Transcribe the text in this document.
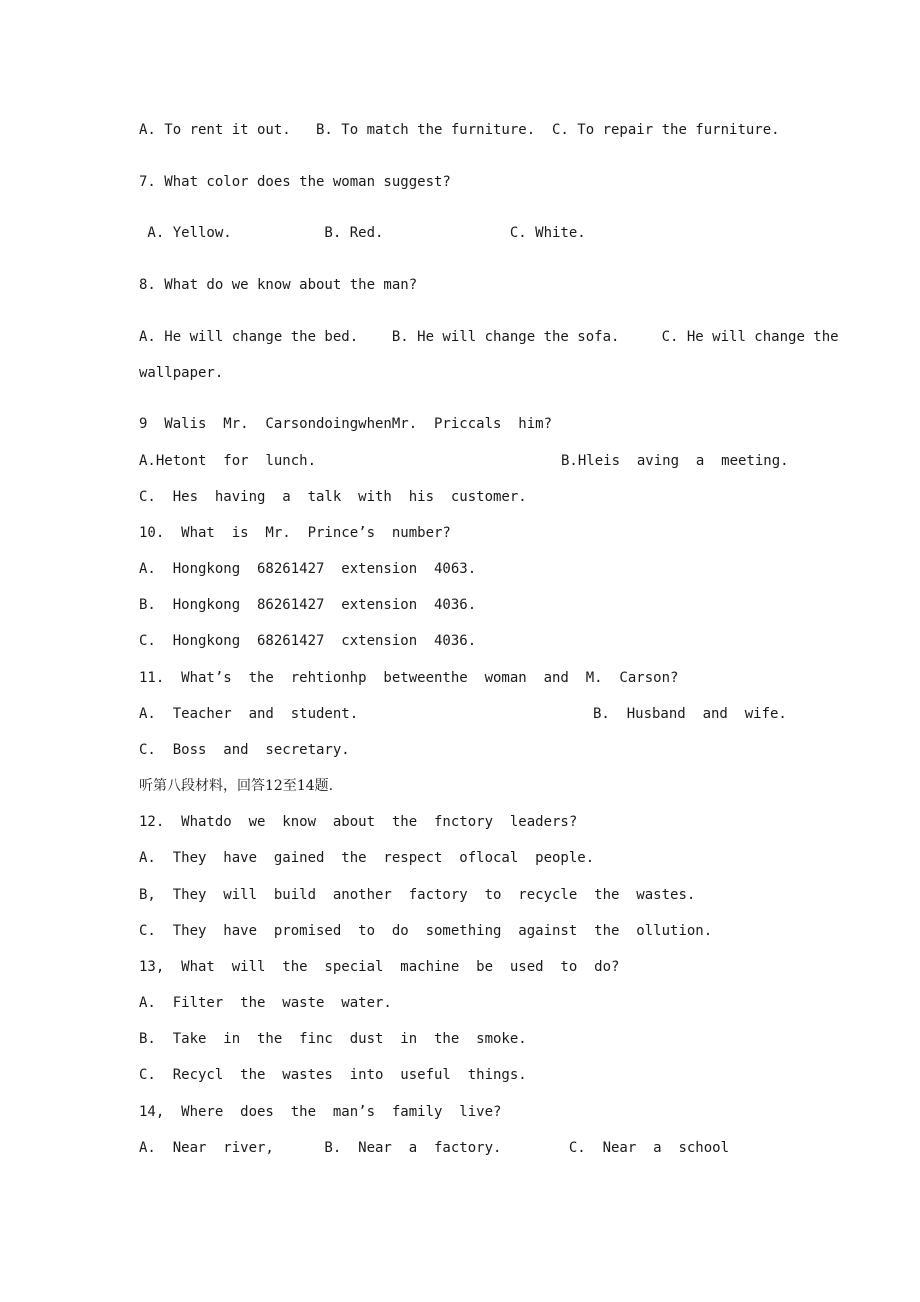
A. To rent it out.   B. To match the furniture.  C. To repair the furniture.
7. What color does the woman suggest?
A. Yellow.           B. Red.               C. White.
8. What do we know about the man?
A. He will change the bed.    B. He will change the sofa.     C. He will change the
wallpaper.
9  Walis  Mr.  CarsondoingwhenMr.  Priccals  him?
A.Hetont  for  lunch.	B.Hleis  aving  a  meeting.
C.  Hes  having  a  talk  with  his  customer.
10.  What  is  Mr.  Prince’s  number?
A.  Hongkong  68261427  extension  4063.
B.  Hongkong  86261427  extension  4036.
C.  Hongkong  68261427  cxtension  4036.
11.  What’s  the  rehtionhp  betweenthe  woman  and  M.  Carson?
A.  Teacher  and  student.	B.  Husband  and  wife.
C.  Boss  and  secretary.
听第八段材料，回答12至14题.
12.  Whatdo  we  know  about  the  fnctory  leaders?
A.  They  have  gained  the  respect  oflocal  people.
B,  They  will  build  another  factory  to  recycle  the  wastes.
C.  They  have  promised  to  do  something  against  the  ollution.
13,  What  will  the  special  machine  be  used  to  do?
A.  Filter  the  waste  water.
B.  Take  in  the  finc  dust  in  the  smoke.
C.  Recycl  the  wastes  into  useful  things.
14,  Where  does  the  man’s  family  live?
A.  Near  river,      B.  Near  a  factory.        C.  Near  a  school
